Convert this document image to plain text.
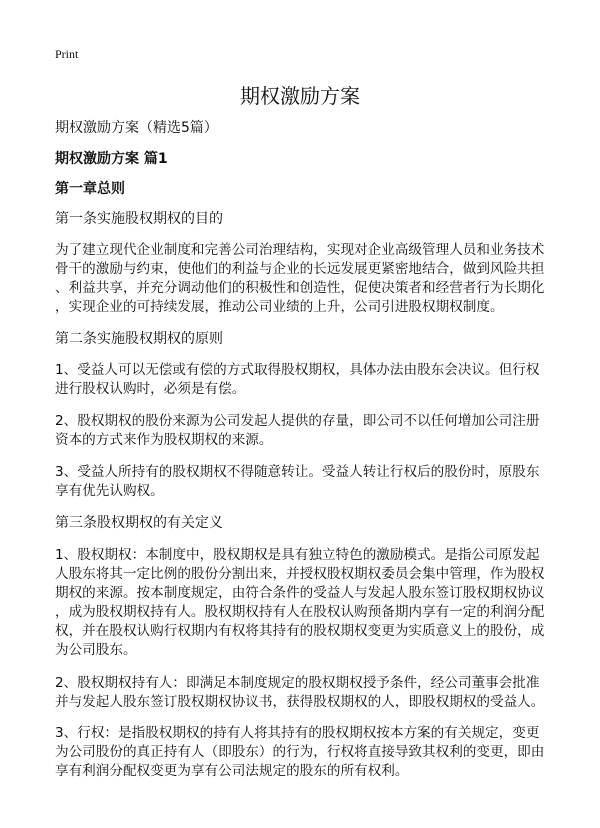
Print
期权激励方案
期权激励方案（精选5篇）
期权激励方案 篇1
第一章总则
第一条实施股权期权的目的
为了建立现代企业制度和完善公司治理结构，实现对企业高级管理人员和业务技术
骨干的激励与约束，使他们的利益与企业的长远发展更紧密地结合，做到风险共担
、利益共享，并充分调动他们的积极性和创造性，促使决策者和经营者行为长期化
，实现企业的可持续发展，推动公司业绩的上升，公司引进股权期权制度。
第二条实施股权期权的原则
1、受益人可以无偿或有偿的方式取得股权期权，具体办法由股东会决议。但行权
进行股权认购时，必须是有偿。
2、股权期权的股份来源为公司发起人提供的存量，即公司不以任何增加公司注册
资本的方式来作为股权期权的来源。
3、受益人所持有的股权期权不得随意转让。受益人转让行权后的股份时，原股东
享有优先认购权。
第三条股权期权的有关定义
1、股权期权：本制度中，股权期权是具有独立特色的激励模式。是指公司原发起
人股东将其一定比例的股份分割出来，并授权股权期权委员会集中管理，作为股权
期权的来源。按本制度规定，由符合条件的受益人与发起人股东签订股权期权协议
，成为股权期权持有人。股权期权持有人在股权认购预备期内享有一定的利润分配
权，并在股权认购行权期内有权将其持有的股权期权变更为实质意义上的股份，成
为公司股东。
2、股权期权持有人：即满足本制度规定的股权期权授予条件，经公司董事会批准
并与发起人股东签订股权期权协议书，获得股权期权的人，即股权期权的受益人。
3、行权：是指股权期权的持有人将其持有的股权期权按本方案的有关规定，变更
为公司股份的真正持有人（即股东）的行为，行权将直接导致其权利的变更，即由
享有利润分配权变更为享有公司法规定的股东的所有权利。
